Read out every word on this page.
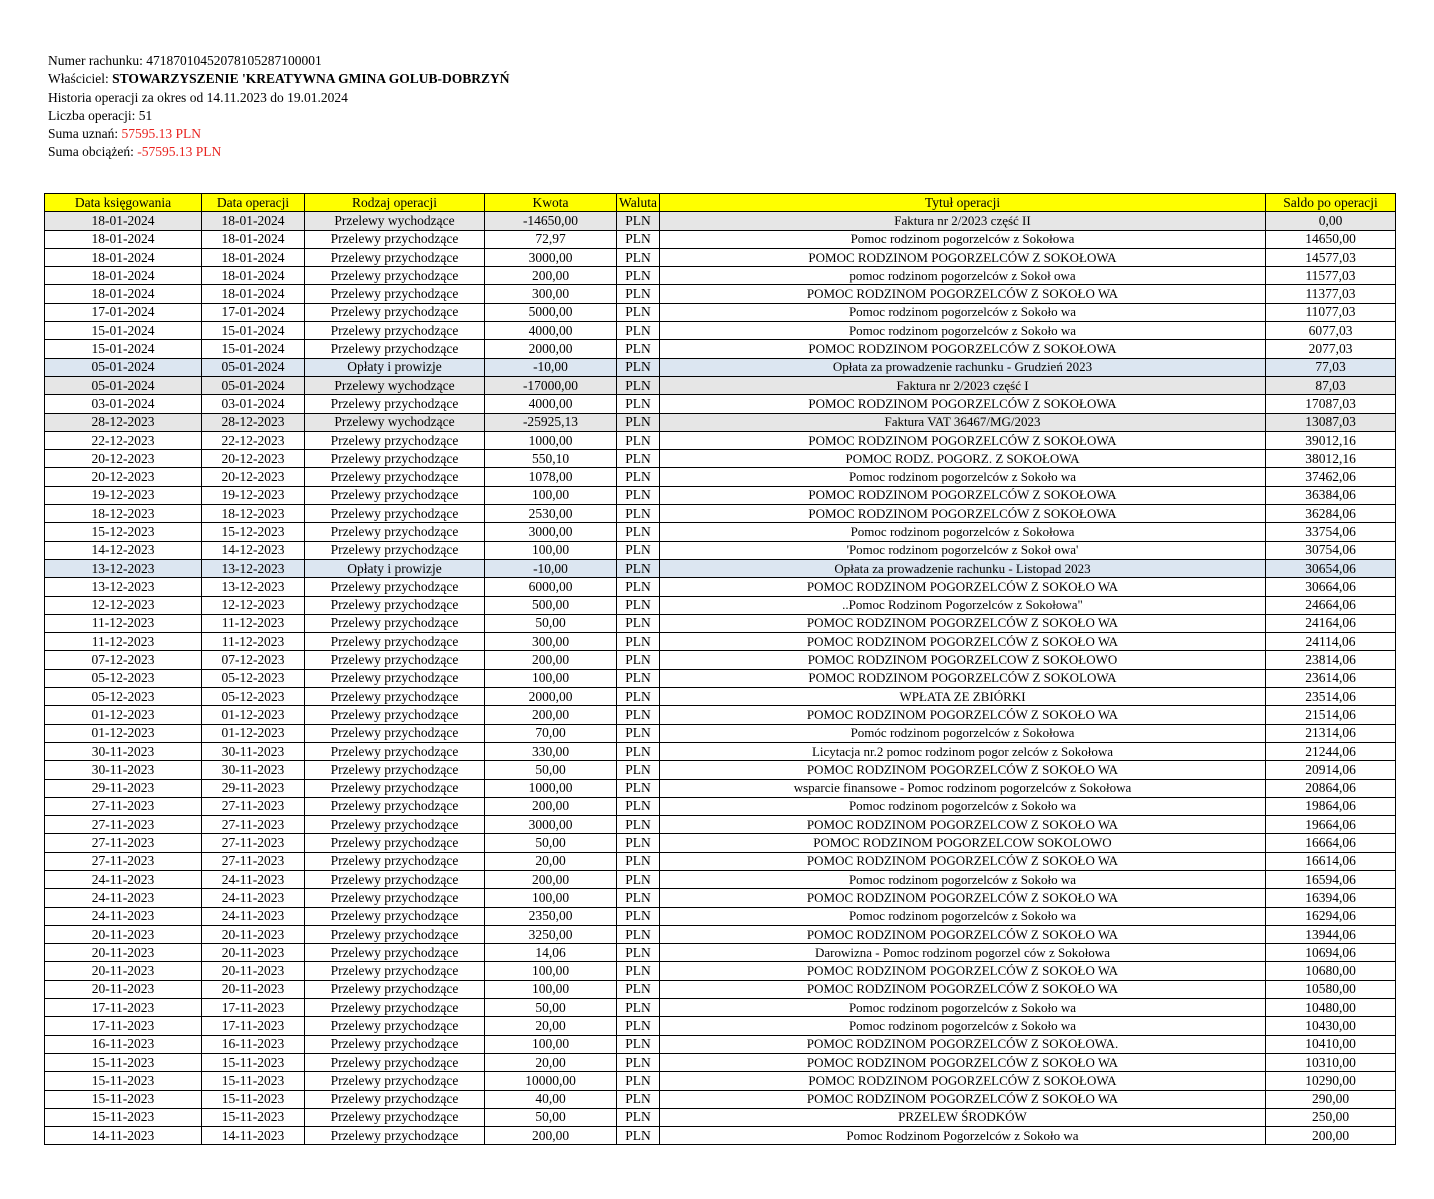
Numer rachunku: 47187010452078105287100001
Właściciel: STOWARZYSZENIE 'KREATYWNA GMINA GOLUB-DOBRZYŃ
Historia operacji za okres od 14.11.2023 do 19.01.2024
Liczba operacji: 51
Suma uznań: 57595.13 PLN
Suma obciążeń: -57595.13 PLN
Data księgowania	Data operacji	Rodzaj operacji	Kwota	Waluta	Tytuł operacji	Saldo po operacji
18-01-2024	18-01-2024	Przelewy wychodzące	-14650,00	PLN	Faktura nr 2/2023 część II	0,00
18-01-2024	18-01-2024	Przelewy przychodzące	72,97	PLN	Pomoc rodzinom pogorzelców z Sokołowa	14650,00
18-01-2024	18-01-2024	Przelewy przychodzące	3000,00	PLN	POMOC RODZINOM POGORZELCÓW Z SOKOŁOWA	14577,03
18-01-2024	18-01-2024	Przelewy przychodzące	200,00	PLN	pomoc rodzinom pogorzelców z Sokoł owa	11577,03
18-01-2024	18-01-2024	Przelewy przychodzące	300,00	PLN	POMOC RODZINOM POGORZELCÓW Z SOKOŁO WA	11377,03
17-01-2024	17-01-2024	Przelewy przychodzące	5000,00	PLN	Pomoc rodzinom pogorzelców z Sokoło wa	11077,03
15-01-2024	15-01-2024	Przelewy przychodzące	4000,00	PLN	Pomoc rodzinom pogorzelców z Sokoło wa	6077,03
15-01-2024	15-01-2024	Przelewy przychodzące	2000,00	PLN	POMOC RODZINOM POGORZELCÓW Z SOKOŁOWA	2077,03
05-01-2024	05-01-2024	Opłaty i prowizje	-10,00	PLN	Opłata za prowadzenie rachunku - Grudzień 2023	77,03
05-01-2024	05-01-2024	Przelewy wychodzące	-17000,00	PLN	Faktura nr 2/2023 część I	87,03
03-01-2024	03-01-2024	Przelewy przychodzące	4000,00	PLN	POMOC RODZINOM POGORZELCÓW Z SOKOŁOWA	17087,03
28-12-2023	28-12-2023	Przelewy wychodzące	-25925,13	PLN	Faktura VAT 36467/MG/2023	13087,03
22-12-2023	22-12-2023	Przelewy przychodzące	1000,00	PLN	POMOC RODZINOM POGORZELCÓW Z SOKOŁOWA	39012,16
20-12-2023	20-12-2023	Przelewy przychodzące	550,10	PLN	POMOC RODZ. POGORZ. Z SOKOŁOWA	38012,16
20-12-2023	20-12-2023	Przelewy przychodzące	1078,00	PLN	Pomoc rodzinom pogorzelców z Sokoło wa	37462,06
19-12-2023	19-12-2023	Przelewy przychodzące	100,00	PLN	POMOC RODZINOM POGORZELCÓW Z SOKOŁOWA	36384,06
18-12-2023	18-12-2023	Przelewy przychodzące	2530,00	PLN	POMOC RODZINOM POGORZELCÓW Z SOKOŁOWA	36284,06
15-12-2023	15-12-2023	Przelewy przychodzące	3000,00	PLN	Pomoc rodzinom pogorzelców z Sokołowa	33754,06
14-12-2023	14-12-2023	Przelewy przychodzące	100,00	PLN	'Pomoc rodzinom pogorzelców z Sokoł owa'	30754,06
13-12-2023	13-12-2023	Opłaty i prowizje	-10,00	PLN	Opłata za prowadzenie rachunku - Listopad 2023	30654,06
13-12-2023	13-12-2023	Przelewy przychodzące	6000,00	PLN	POMOC RODZINOM POGORZELCÓW Z SOKOŁO WA	30664,06
12-12-2023	12-12-2023	Przelewy przychodzące	500,00	PLN	..Pomoc Rodzinom Pogorzelców z Sokołowa"	24664,06
11-12-2023	11-12-2023	Przelewy przychodzące	50,00	PLN	POMOC RODZINOM POGORZELCÓW Z SOKOŁO WA	24164,06
11-12-2023	11-12-2023	Przelewy przychodzące	300,00	PLN	POMOC RODZINOM POGORZELCÓW Z SOKOŁO WA	24114,06
07-12-2023	07-12-2023	Przelewy przychodzące	200,00	PLN	POMOC RODZINOM POGORZELCOW Z SOKOŁOWO	23814,06
05-12-2023	05-12-2023	Przelewy przychodzące	100,00	PLN	POMOC RODZINOM POGORZELCÓW Z SOKOLOWA	23614,06
05-12-2023	05-12-2023	Przelewy przychodzące	2000,00	PLN	WPŁATA ZE ZBIÓRKI	23514,06
01-12-2023	01-12-2023	Przelewy przychodzące	200,00	PLN	POMOC RODZINOM POGORZELCÓW Z SOKOŁO WA	21514,06
01-12-2023	01-12-2023	Przelewy przychodzące	70,00	PLN	Pomóc rodzinom pogorzelców z Sokołowa	21314,06
30-11-2023	30-11-2023	Przelewy przychodzące	330,00	PLN	Licytacja nr.2 pomoc rodzinom pogor zelców z Sokołowa	21244,06
30-11-2023	30-11-2023	Przelewy przychodzące	50,00	PLN	POMOC RODZINOM POGORZELCÓW Z SOKOŁO WA	20914,06
29-11-2023	29-11-2023	Przelewy przychodzące	1000,00	PLN	wsparcie finansowe - Pomoc rodzinom pogorzelców z Sokołowa	20864,06
27-11-2023	27-11-2023	Przelewy przychodzące	200,00	PLN	Pomoc rodzinom pogorzelców z Sokoło wa	19864,06
27-11-2023	27-11-2023	Przelewy przychodzące	3000,00	PLN	POMOC RODZINOM POGORZELCOW Z SOKOŁO WA	19664,06
27-11-2023	27-11-2023	Przelewy przychodzące	50,00	PLN	POMOC RODZINOM POGORZELCOW SOKOLOWO	16664,06
27-11-2023	27-11-2023	Przelewy przychodzące	20,00	PLN	POMOC RODZINOM POGORZELCÓW Z SOKOŁO WA	16614,06
24-11-2023	24-11-2023	Przelewy przychodzące	200,00	PLN	Pomoc rodzinom pogorzelców z Sokoło wa	16594,06
24-11-2023	24-11-2023	Przelewy przychodzące	100,00	PLN	POMOC RODZINOM POGORZELCÓW Z SOKOŁO WA	16394,06
24-11-2023	24-11-2023	Przelewy przychodzące	2350,00	PLN	Pomoc rodzinom pogorzelców z Sokoło wa	16294,06
20-11-2023	20-11-2023	Przelewy przychodzące	3250,00	PLN	POMOC RODZINOM POGORZELCÓW Z SOKOŁO WA	13944,06
20-11-2023	20-11-2023	Przelewy przychodzące	14,06	PLN	Darowizna - Pomoc rodzinom pogorzel ców z Sokołowa	10694,06
20-11-2023	20-11-2023	Przelewy przychodzące	100,00	PLN	POMOC RODZINOM POGORZELCÓW Z SOKOŁO WA	10680,00
20-11-2023	20-11-2023	Przelewy przychodzące	100,00	PLN	POMOC RODZINOM POGORZELCÓW Z SOKOŁO WA	10580,00
17-11-2023	17-11-2023	Przelewy przychodzące	50,00	PLN	Pomoc rodzinom pogorzelców z Sokoło wa	10480,00
17-11-2023	17-11-2023	Przelewy przychodzące	20,00	PLN	Pomoc rodzinom pogorzelców z Sokoło wa	10430,00
16-11-2023	16-11-2023	Przelewy przychodzące	100,00	PLN	POMOC RODZINOM POGORZELCÓW Z SOKOŁOWA.	10410,00
15-11-2023	15-11-2023	Przelewy przychodzące	20,00	PLN	POMOC RODZINOM POGORZELCÓW Z SOKOŁO WA	10310,00
15-11-2023	15-11-2023	Przelewy przychodzące	10000,00	PLN	POMOC RODZINOM POGORZELCÓW Z SOKOŁOWA	10290,00
15-11-2023	15-11-2023	Przelewy przychodzące	40,00	PLN	POMOC RODZINOM POGORZELCÓW Z SOKOŁO WA	290,00
15-11-2023	15-11-2023	Przelewy przychodzące	50,00	PLN	PRZELEW ŚRODKÓW	250,00
14-11-2023	14-11-2023	Przelewy przychodzące	200,00	PLN	Pomoc Rodzinom Pogorzelców z Sokoło wa	200,00
